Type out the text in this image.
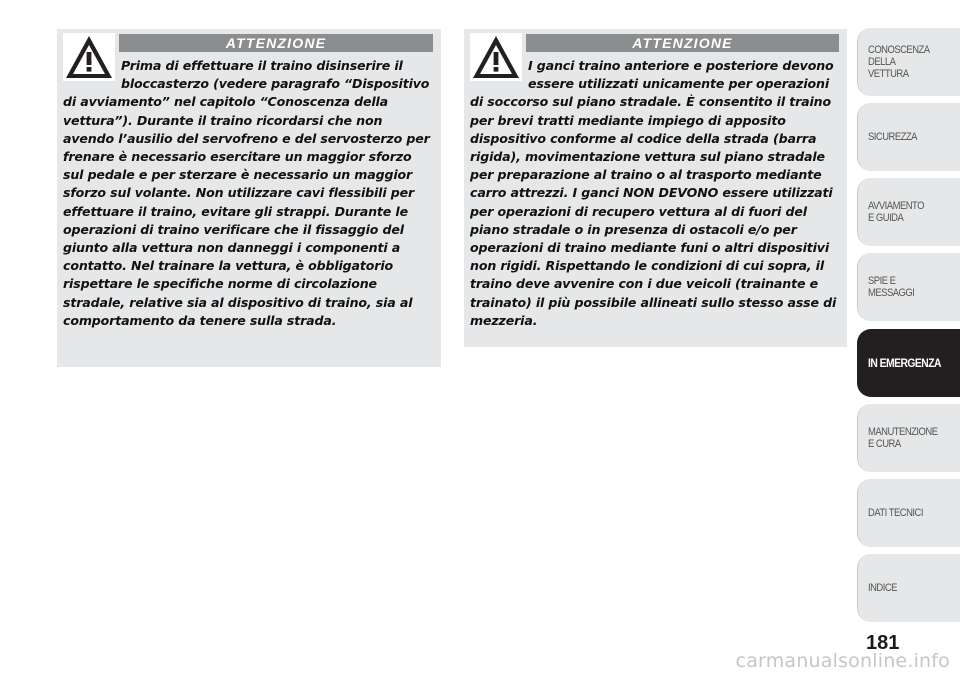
ATTENZIONE

Prima di effettuare il traino disinserire il bloccasterzo (vedere paragrafo “Dispositivo di avviamento” nel capitolo “Conoscenza della vettura”). Durante il traino ricordarsi che non avendo l’ausilio del servofreno e del servosterzo per frenare è necessario esercitare un maggior sforzo sul pedale e per sterzare è necessario un maggior sforzo sul volante. Non utilizzare cavi flessibili per effettuare il traino, evitare gli strappi. Durante le operazioni di traino verificare che il fissaggio del giunto alla vettura non danneggi i componenti a contatto. Nel trainare la vettura, è obbligatorio rispettare le specifiche norme di circolazione stradale, relative sia al dispositivo di traino, sia al comportamento da tenere sulla strada.

ATTENZIONE

I ganci traino anteriore e posteriore devono essere utilizzati unicamente per operazioni di soccorso sul piano stradale. È consentito il traino per brevi tratti mediante impiego di apposito dispositivo conforme al codice della strada (barra rigida), movimentazione vettura sul piano stradale per preparazione al traino o al trasporto mediante carro attrezzi. I ganci NON DEVONO essere utilizzati per operazioni di recupero vettura al di fuori del piano stradale o in presenza di ostacoli e/o per operazioni di traino mediante funi o altri dispositivi non rigidi. Rispettando le condizioni di cui sopra, il traino deve avvenire con i due veicoli (trainante e trainato) il più possibile allineati sullo stesso asse di mezzeria.

CONOSCENZA
DELLA
VETTURA
SICUREZZA
AVVIAMENTO
E GUIDA
SPIE E
MESSAGGI
IN EMERGENZA
MANUTENZIONE
E CURA
DATI TECNICI
INDICE
181
carmanualsonline.info
